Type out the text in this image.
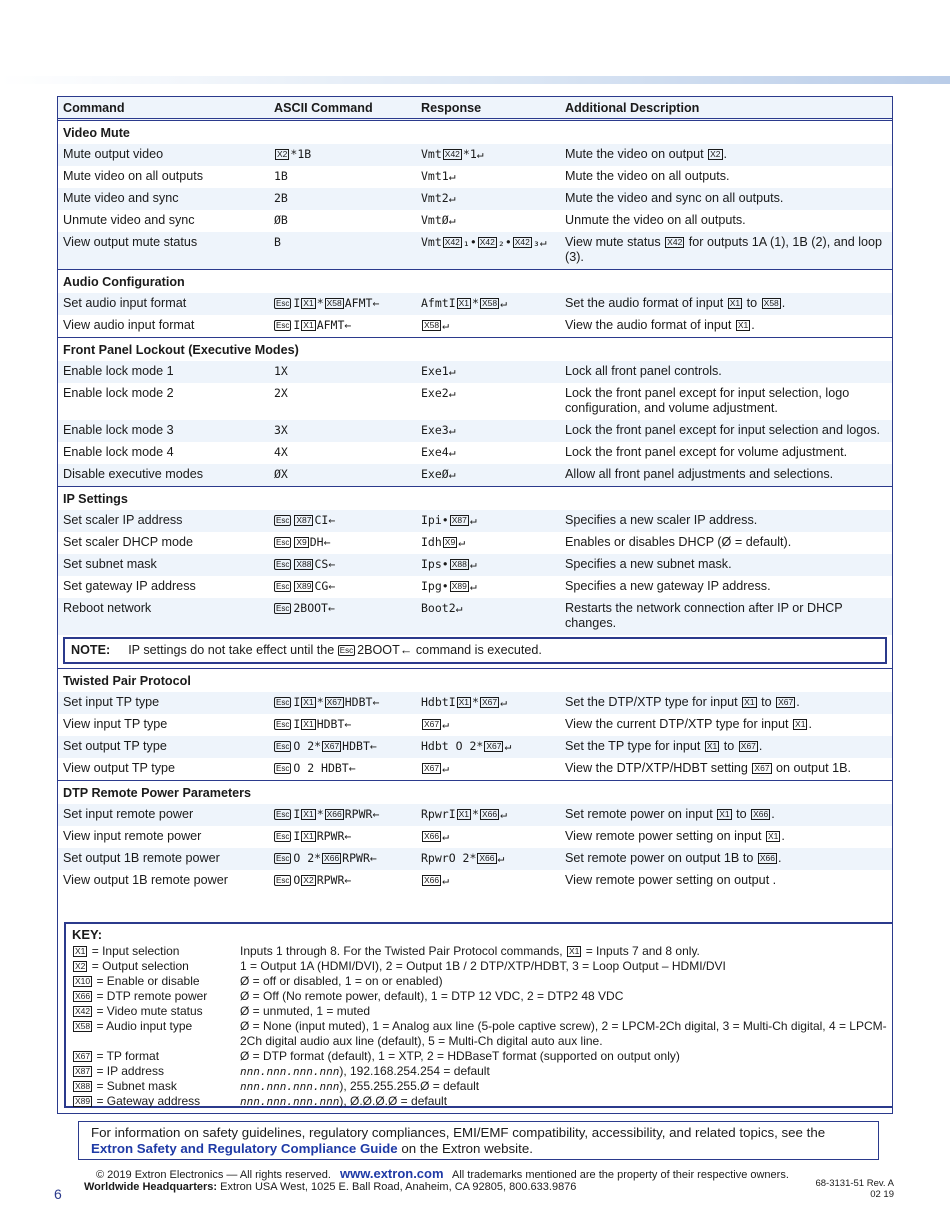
Command	ASCII Command	Response	Additional Description
Video Mute			
Mute output video	X2 *1B	Vmt X42 *1↵	Mute the video on output X2 .
Mute video on all outputs	1B	Vmt1↵	Mute the video on all outputs.
Mute video and sync	2B	Vmt2↵	Mute the video and sync on all outputs.
Unmute video and sync	ØB	VmtØ↵	Unmute the video on all outputs.
View output mute status	B	Vmt X42 ₁• X42 ₂• X42 ₃↵	View mute status X42 for outputs 1A (1), 1B (2), and loop (3).
Audio Configuration			
Set audio input format	Esc I X1 * X58 AFMT←	AfmtI X1 * X58 ↵	Set the audio format of input X1 to X58 .
View audio input format	Esc I X1 AFMT←	X58 ↵	View the audio format of input X1 .
Front Panel Lockout (Executive Modes)			
Enable lock mode 1	1X	Exe1↵	Lock all front panel controls.
Enable lock mode 2	2X	Exe2↵	Lock the front panel except for input selection, logo configuration, and volume adjustment.
Enable lock mode 3	3X	Exe3↵	Lock the front panel except for input selection and logos.
Enable lock mode 4	4X	Exe4↵	Lock the front panel except for volume adjustment.
Disable executive modes	ØX	ExeØ↵	Allow all front panel adjustments and selections.
IP Settings			
Set scaler IP address	Esc X87 CI←	Ipi• X87 ↵	Specifies a new scaler IP address.
Set scaler DHCP mode	Esc X9 DH←	Idh X9 ↵	Enables or disables DHCP (Ø = default).
Set subnet mask	Esc X88 CS←	Ips• X88 ↵	Specifies a new subnet mask.
Set gateway IP address	Esc X89 CG←	Ipg• X89 ↵	Specifies a new gateway IP address.
Reboot network	Esc 2BOOT←	Boot2↵	Restarts the network connection after IP or DHCP changes.

NOTE: IP settings do not take effect until the Esc 2BOOT← command is executed.			

Twisted Pair Protocol			
Set input TP type	Esc I X1 * X67 HDBT←	HdbtI X1 * X67 ↵	Set the DTP/XTP type for input X1 to X67 .
View input TP type	Esc I X1 HDBT←	X67 ↵	View the current DTP/XTP type for input X1 .
Set output TP type	Esc O 2* X67 HDBT←	Hdbt O 2* X67 ↵	Set the TP type for input X1 to X67 .
View output TP type	Esc O 2 HDBT←	X67 ↵	View the DTP/XTP/HDBT setting X67 on output 1B.
DTP Remote Power Parameters			
Set input remote power	Esc I X1 * X66 RPWR←	RpwrI X1 * X66 ↵	Set remote power on input X1 to X66 .
View input remote power	Esc I X1 RPWR←	X66 ↵	View remote power setting on input X1 .
Set output 1B remote power	Esc O 2* X66 RPWR←	RpwrO 2* X66 ↵	Set remote power on output 1B to X66 .
View output 1B remote power	Esc O X2 RPWR←	X66 ↵	View remote power setting on output .
KEY:
X1 = Input selection	Inputs 1 through 8. For the Twisted Pair Protocol commands, X1 = Inputs 7 and 8 only.
X2 = Output selection	1 = Output 1A (HDMI/DVI), 2 = Output 1B / 2 DTP/XTP/HDBT, 3 = Loop Output – HDMI/DVI
X10 = Enable or disable	Ø = off or disabled, 1 = on or enabled)
X66 = DTP remote power	Ø = Off (No remote power, default), 1 = DTP 12 VDC, 2 = DTP2 48 VDC
X42 = Video mute status	Ø = unmuted, 1 = muted
X58 = Audio input type	Ø = None (input muted), 1 = Analog aux line (5-pole captive screw), 2 = LPCM-2Ch digital, 3 = Multi-Ch digital, 4 = LPCM-2Ch digital audio aux line (default), 5 = Multi-Ch digital auto aux line.
X67 = TP format	Ø = DTP format (default), 1 = XTP, 2 = HDBaseT format (supported on output only)
X87 = IP address	nnn.nnn.nnn.nnn), 192.168.254.254 = default
X88 = Subnet mask	nnn.nnn.nnn.nnn), 255.255.255.Ø = default
X89 = Gateway address	nnn.nnn.nnn.nnn), Ø.Ø.Ø.Ø = default
For information on safety guidelines, regulatory compliances, EMI/EMF compatibility, accessibility, and related topics, see the Extron Safety and Regulatory Compliance Guide on the Extron website.
© 2019 Extron Electronics — All rights reserved. www.extron.com All trademarks mentioned are the property of their respective owners.
Worldwide Headquarters: Extron USA West, 1025 E. Ball Road, Anaheim, CA 92805, 800.633.9876
6
68-3131-51 Rev. A
02 19
